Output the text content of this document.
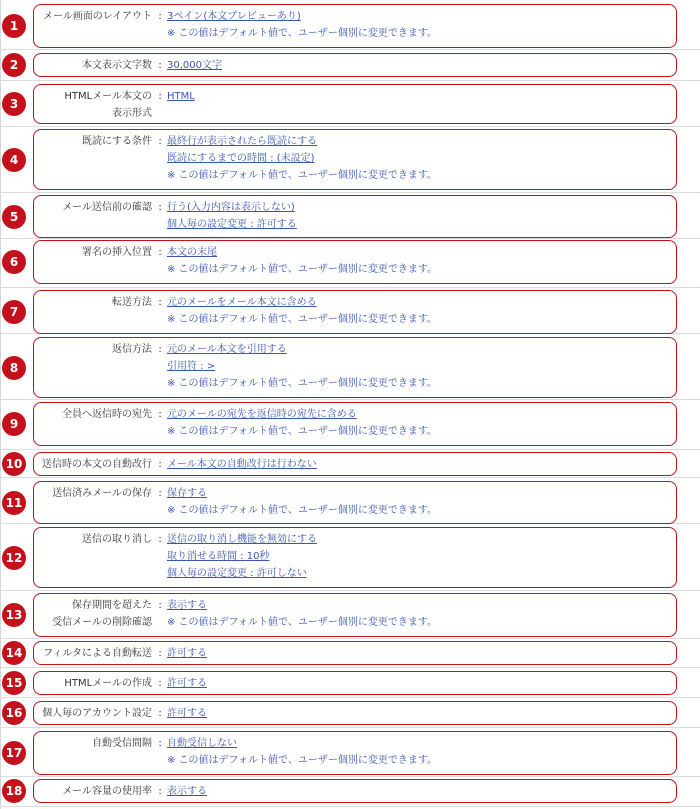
1
メール画面のレイアウト : 3ペイン(本文プレビューあり)
※ この値はデフォルト値で、ユーザー個別に変更できます。
2	本文表示文字数 : 30,000文字
3
HTMLメール本文の
表示形式
: HTML
4
既読にする条件 : 最終行が表示されたら既読にする
既読にするまでの時間 : (未設定)
※ この値はデフォルト値で、ユーザー個別に変更できます。
5
メール送信前の確認 : 行う(入力内容は表示しない)
個人毎の設定変更 : 許可する
6
署名の挿入位置 : 本文の末尾
※ この値はデフォルト値で、ユーザー個別に変更できます。
7
転送方法 : 元のメールをメール本文に含める
※ この値はデフォルト値で、ユーザー個別に変更できます。
8
返信方法 : 元のメール本文を引用する
引用符 : >
※ この値はデフォルト値で、ユーザー個別に変更できます。
9
全員へ返信時の宛先 : 元のメールの宛先を返信時の宛先に含める
※ この値はデフォルト値で、ユーザー個別に変更できます。
10	送信時の本文の自動改行 : メール本文の自動改行は行わない
11
送信済みメールの保存 : 保存する
※ この値はデフォルト値で、ユーザー個別に変更できます。
12
送信の取り消し : 送信の取り消し機能を無効にする
取り消せる時間 : 10秒
個人毎の設定変更 : 許可しない
13
保存期間を超えた
受信メールの削除確認
: 表示する
※ この値はデフォルト値で、ユーザー個別に変更できます。
14	フィルタによる自動転送 : 許可する
15	HTMLメールの作成 : 許可する
16	個人毎のアカウント設定 : 許可する
17
自動受信間隔 : 自動受信しない
※ この値はデフォルト値で、ユーザー個別に変更できます。
18	メール容量の使用率 : 表示する
